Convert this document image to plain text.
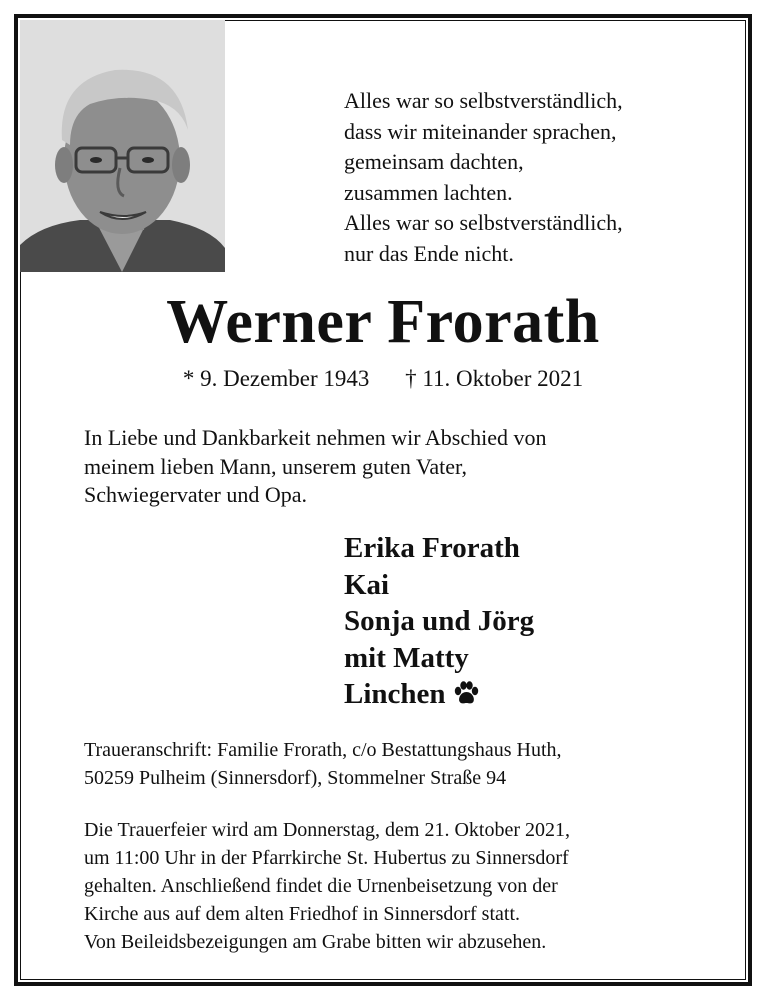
Alles war so selbstverständlich,
dass wir miteinander sprachen,
gemeinsam dachten,
zusammen lachten.
Alles war so selbstverständlich,
nur das Ende nicht.
Werner Frorath
* 9. Dezember 1943 † 11. Oktober 2021
In Liebe und Dankbarkeit nehmen wir Abschied von
meinem lieben Mann, unserem guten Vater,
Schwiegervater und Opa.
Erika Frorath
Kai
Sonja und Jörg
mit Matty
Linchen
Traueranschrift: Familie Frorath, c/o Bestattungshaus Huth,
50259 Pulheim (Sinnersdorf), Stommelner Straße 94
Die Trauerfeier wird am Donnerstag, dem 21. Oktober 2021,
um 11:00 Uhr in der Pfarrkirche St. Hubertus zu Sinnersdorf
gehalten. Anschließend findet die Urnenbeisetzung von der
Kirche aus auf dem alten Friedhof in Sinnersdorf statt.
Von Beileidsbezeigungen am Grabe bitten wir abzusehen.
